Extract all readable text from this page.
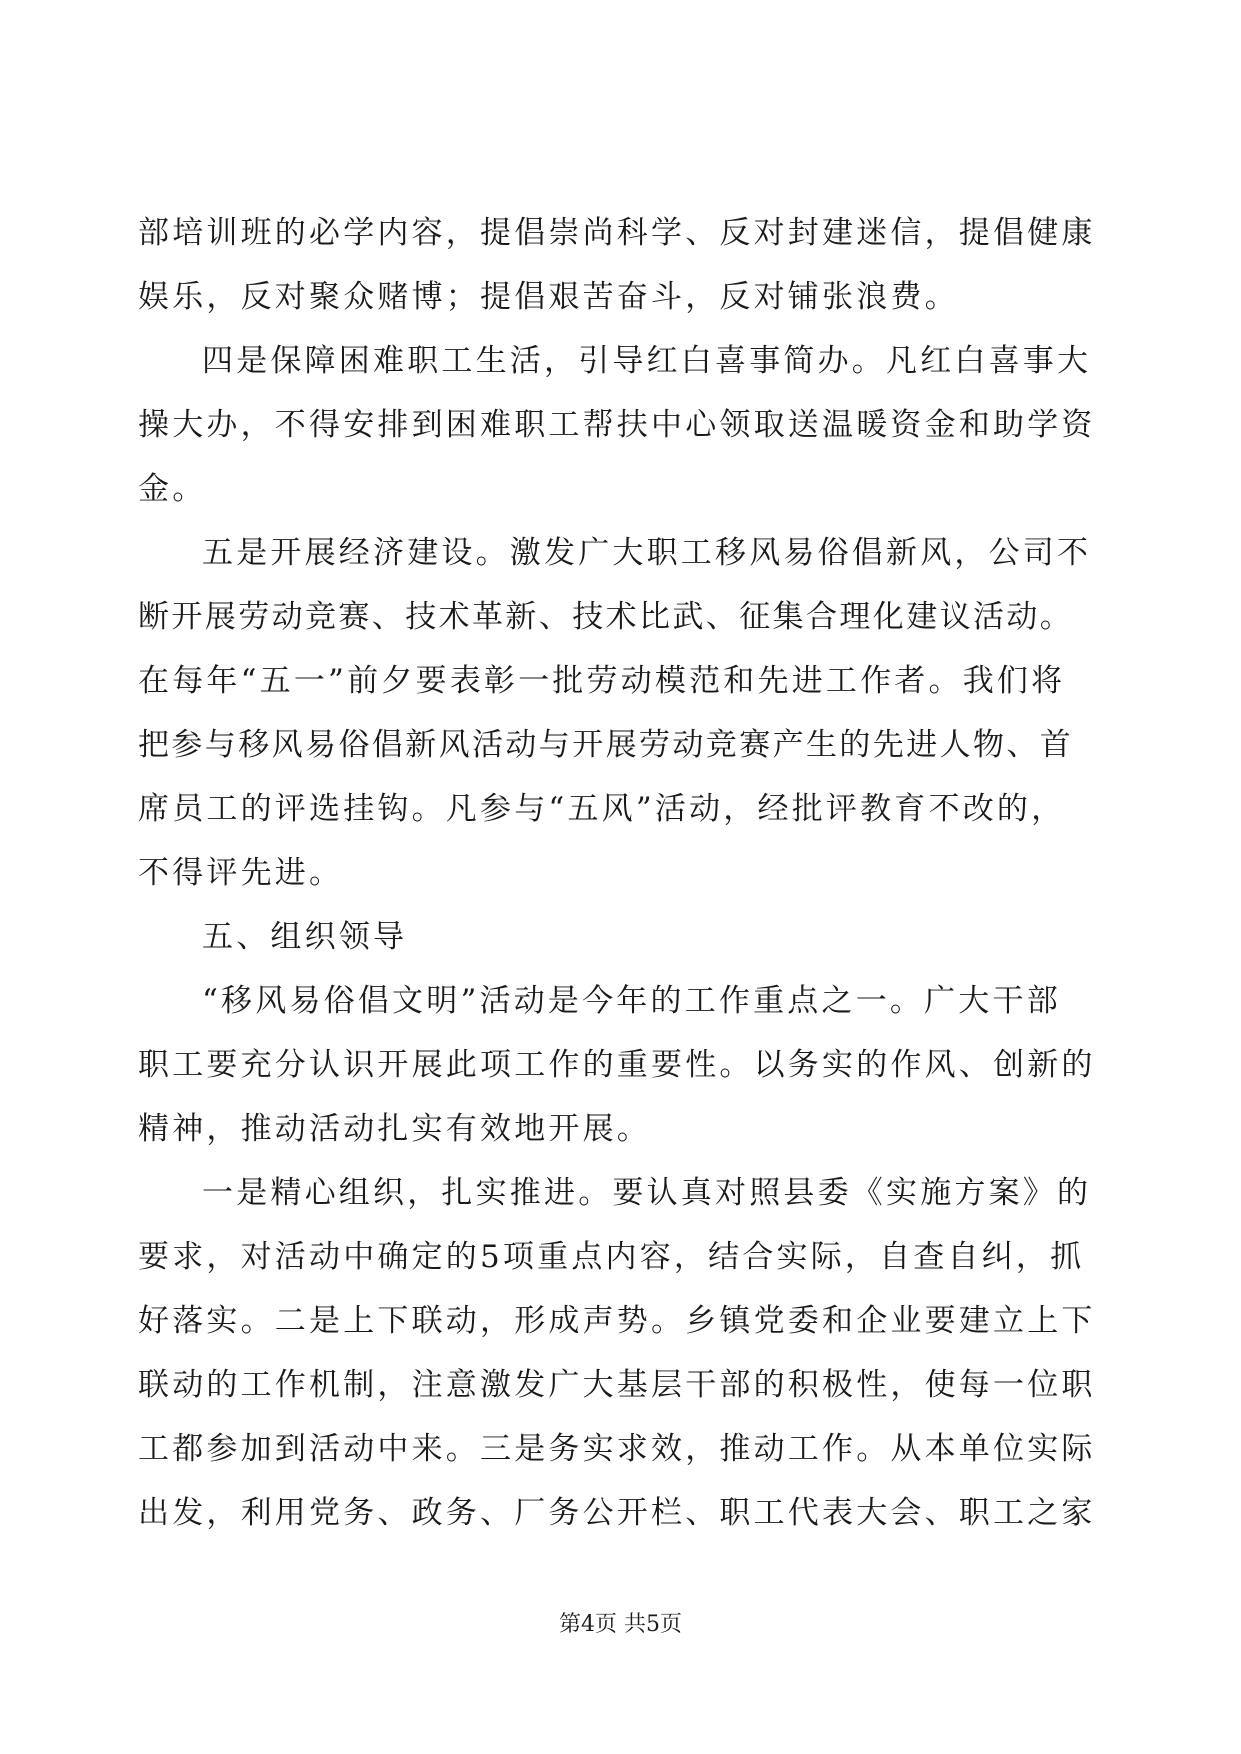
部培训班的必学内容，提倡崇尚科学、反对封建迷信，提倡健康
娱乐，反对聚众赌博；提倡艰苦奋斗，反对铺张浪费。
四是保障困难职工生活，引导红白喜事简办。凡红白喜事大
操大办，不得安排到困难职工帮扶中心领取送温暖资金和助学资
金。
五是开展经济建设。激发广大职工移风易俗倡新风，公司不
断开展劳动竞赛、技术革新、技术比武、征集合理化建议活动。
在每年“五一”前夕要表彰一批劳动模范和先进工作者。我们将
把参与移风易俗倡新风活动与开展劳动竞赛产生的先进人物、首
席员工的评选挂钩。凡参与“五风”活动，经批评教育不改的，
不得评先进。
五、组织领导
“移风易俗倡文明”活动是今年的工作重点之一。广大干部
职工要充分认识开展此项工作的重要性。以务实的作风、创新的
精神，推动活动扎实有效地开展。
一是精心组织，扎实推进。要认真对照县委《实施方案》的
要求，对活动中确定的5项重点内容，结合实际，自查自纠，抓
好落实。二是上下联动，形成声势。乡镇党委和企业要建立上下
联动的工作机制，注意激发广大基层干部的积极性，使每一位职
工都参加到活动中来。三是务实求效，推动工作。从本单位实际
出发，利用党务、政务、厂务公开栏、职工代表大会、职工之家
第4页 共5页
